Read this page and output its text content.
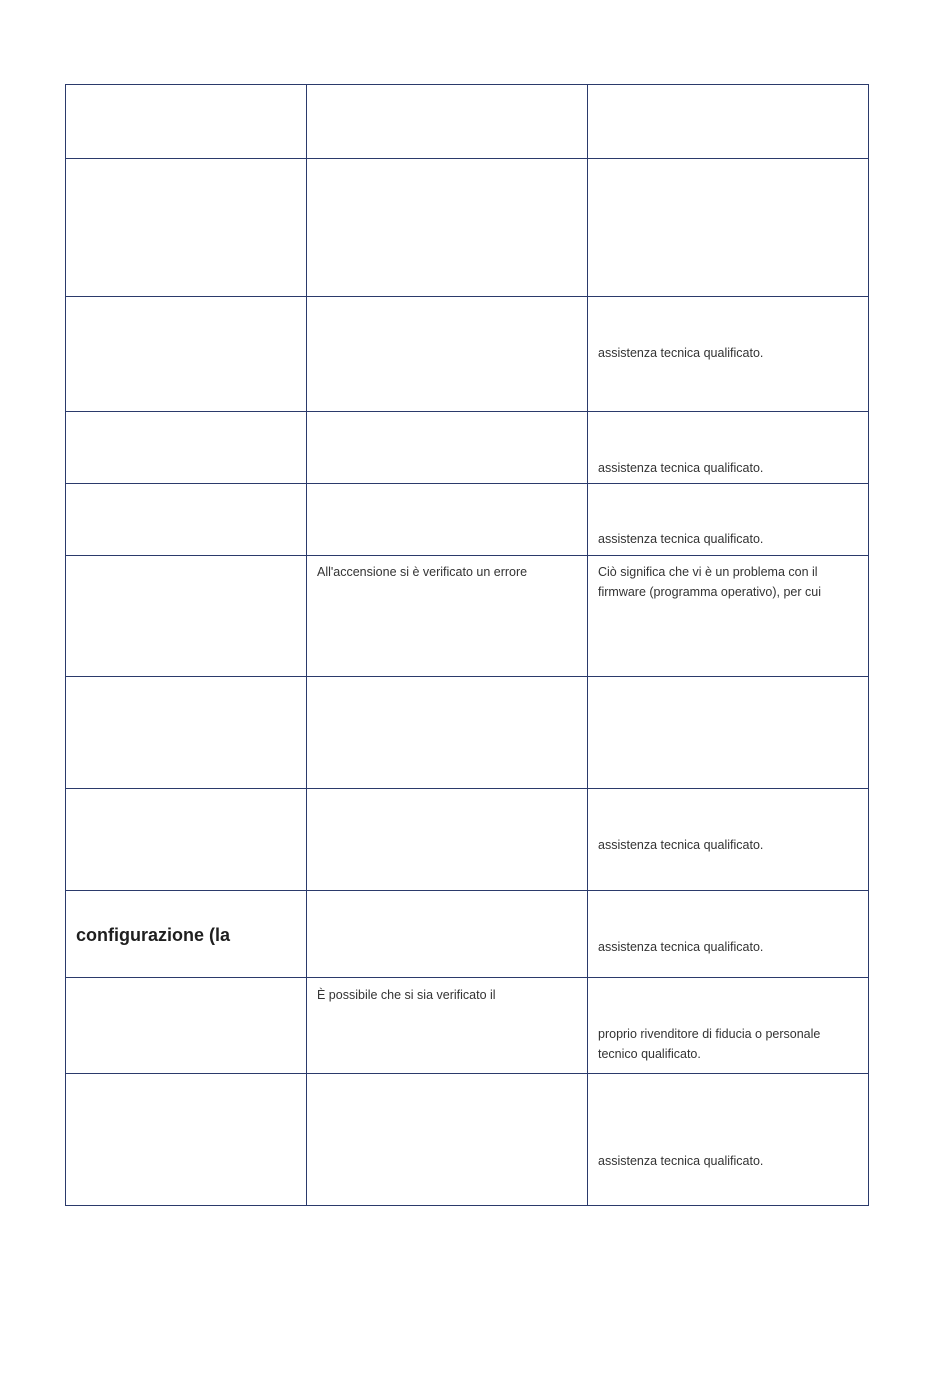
		assistenza tecnica qualificato.

		assistenza tecnica qualificato.

		assistenza tecnica qualificato.

	All'accensione si è verificato un errore	Ciò significa che vi è un problema con il firmware (programma operativo), per cui

		assistenza tecnica qualificato.

configurazione (la		assistenza tecnica qualificato.

	È possibile che si sia verificato il	proprio rivenditore di fiducia o personale tecnico qualificato.

		assistenza tecnica qualificato.
